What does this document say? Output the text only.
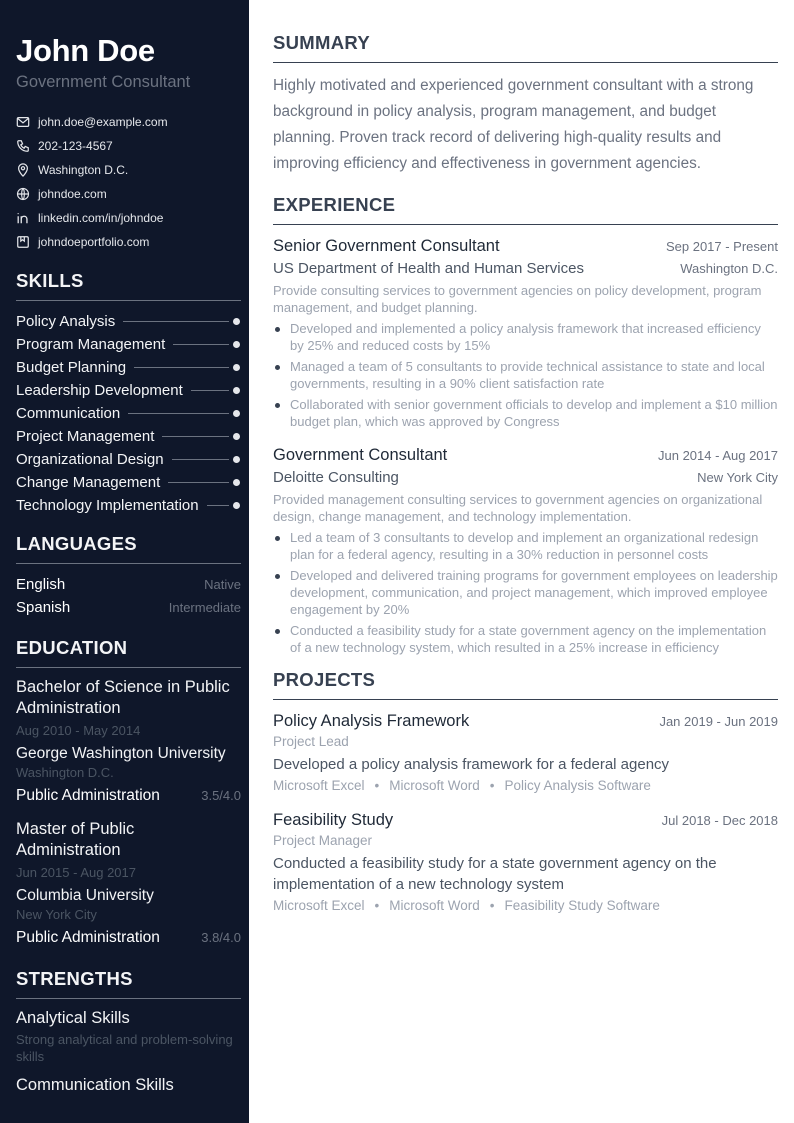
John Doe
Government Consultant
john.doe@example.com
202-123-4567
Washington D.C.
johndoe.com
linkedin.com/in/johndoe
johndoeportfolio.com
SKILLS
Policy Analysis
Program Management
Budget Planning
Leadership Development
Communication
Project Management
Organizational Design
Change Management
Technology Implementation
LANGUAGES
English	Native
Spanish	Intermediate
EDUCATION
Bachelor of Science in Public Administration
Aug 2010 - May 2014
George Washington University
Washington D.C.
Public Administration	3.5/4.0
Master of Public Administration
Jun 2015 - Aug 2017
Columbia University
New York City
Public Administration	3.8/4.0
STRENGTHS
Analytical Skills
Strong analytical and problem-solving skills
Communication Skills
SUMMARY

Highly motivated and experienced government consultant with a strong background in policy analysis, program management, and budget planning. Proven track record of delivering high-quality results and improving efficiency and effectiveness in government agencies.

EXPERIENCE
Senior Government Consultant	Sep 2017 - Present
US Department of Health and Human Services	Washington D.C.
Provide consulting services to government agencies on policy development, program management, and budget planning.
Developed and implemented a policy analysis framework that increased efficiency by 25% and reduced costs by 15%
Managed a team of 5 consultants to provide technical assistance to state and local governments, resulting in a 90% client satisfaction rate
Collaborated with senior government officials to develop and implement a $10 million budget plan, which was approved by Congress
Government Consultant	Jun 2014 - Aug 2017
Deloitte Consulting	New York City
Provided management consulting services to government agencies on organizational design, change management, and technology implementation.
Led a team of 3 consultants to develop and implement an organizational redesign plan for a federal agency, resulting in a 30% reduction in personnel costs
Developed and delivered training programs for government employees on leadership development, communication, and project management, which improved employee engagement by 20%
Conducted a feasibility study for a state government agency on the implementation of a new technology system, which resulted in a 25% increase in efficiency
PROJECTS
Policy Analysis Framework	Jan 2019 - Jun 2019
Project Lead
Developed a policy analysis framework for a federal agency
Microsoft Excel • Microsoft Word • Policy Analysis Software
Feasibility Study	Jul 2018 - Dec 2018
Project Manager
Conducted a feasibility study for a state government agency on the implementation of a new technology system
Microsoft Excel • Microsoft Word • Feasibility Study Software
